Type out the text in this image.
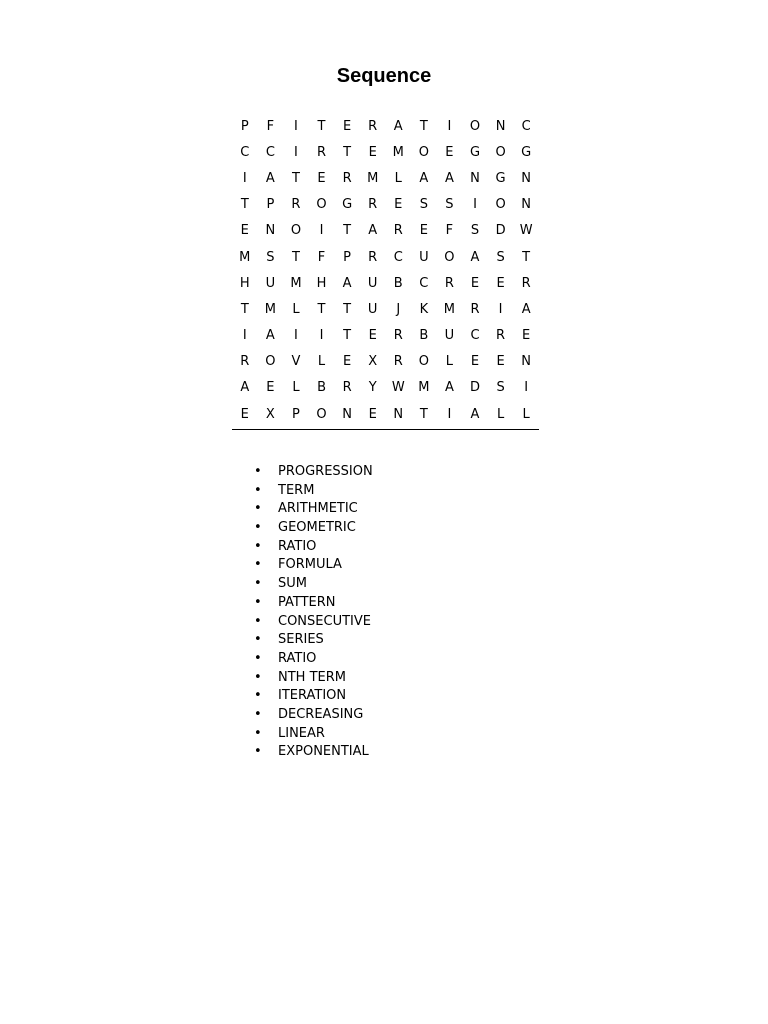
Sequence
P	F	I	T	E	R	A	T	I	O	N	C
C	C	I	R	T	E	M	O	E	G	O	G
I	A	T	E	R	M	L	A	A	N	G	N
T	P	R	O	G	R	E	S	S	I	O	N
E	N	O	I	T	A	R	E	F	S	D	W
M	S	T	F	P	R	C	U	O	A	S	T
H	U	M	H	A	U	B	C	R	E	E	R
T	M	L	T	T	U	J	K	M	R	I	A
I	A	I	I	T	E	R	B	U	C	R	E
R	O	V	L	E	X	R	O	L	E	E	N
A	E	L	B	R	Y	W	M	A	D	S	I
E	X	P	O	N	E	N	T	I	A	L	L
• PROGRESSION
• TERM
• ARITHMETIC
• GEOMETRIC
• RATIO
• FORMULA
• SUM
• PATTERN
• CONSECUTIVE
• SERIES
• RATIO
• NTH TERM
• ITERATION
• DECREASING
• LINEAR
• EXPONENTIAL
